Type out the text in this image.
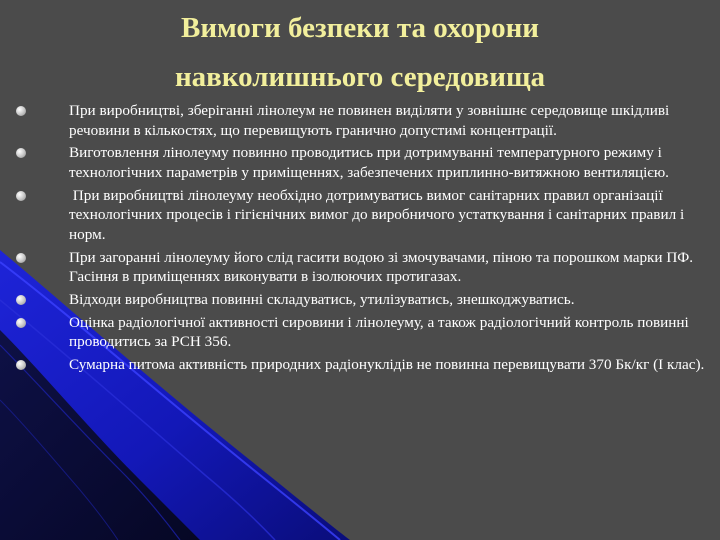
Вимоги безпеки та охорони
навколишнього середовища
При виробництві, зберіганні лінолеум не повинен виділяти у зовнішнє середовище шкідливі речовини в кількостях, що перевищують гранично допустимі концентрації.
Виготовлення лінолеуму повинно проводитись при дотримуванні температурного режиму і технологічних параметрів у приміщеннях, забезпечених приплинно-витяжною вентиляцією.
При виробництві лінолеуму необхідно дотримуватись вимог санітарних правил організації технологічних процесів і гігієнічних вимог до виробничого устаткування і санітарних правил і норм.
При загоранні лінолеуму його слід гасити водою зі змочувачами, піною та порошком марки ПФ. Гасіння в приміщеннях виконувати в ізолюючих протигазах.
Відходи виробництва повинні складуватись, утилізуватись, знешкоджуватись.
Оцінка радіологічної активності сировини і лінолеуму, а також радіологічний контроль повинні проводитись за РСН 356.
Сумарна питома активність природних радіонуклідів не повинна перевищувати 370 Бк/кг (І клас).
